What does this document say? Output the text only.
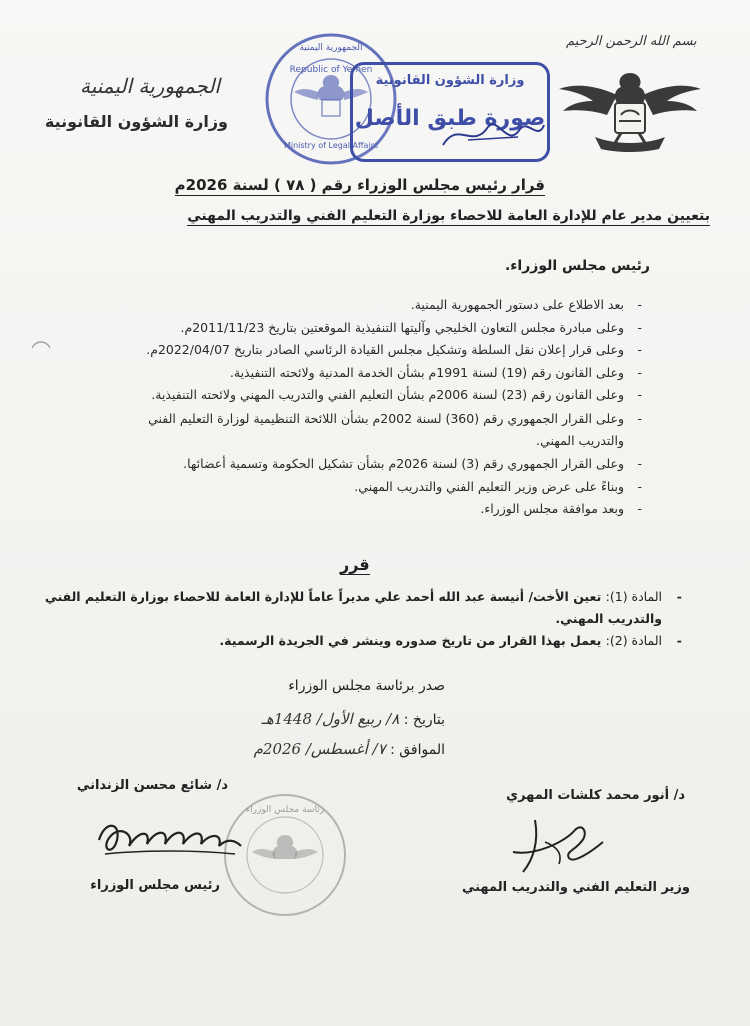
الجمهورية اليمنية
وزارة الشؤون القانونية
بسم الله الرحمن الرحيم
Republic of Yemen
الجمهورية اليمنية
Ministry of Legal Affairs
وزارة الشؤون القانونية
صورة طبق الأصل
قرار رئيس مجلس الوزراء رقم ( ٧٨ ) لسنة 2026م
بتعيين مدير عام للإدارة العامة للاحصاء بوزارة التعليم الفني والتدريب المهني
رئيس مجلس الوزراء.
- بعد الاطلاع على دستور الجمهورية اليمنية.
- وعلى مبادرة مجلس التعاون الخليجي وآليتها التنفيذية الموقعتين بتاريخ 2011/11/23م.
- وعلى قرار إعلان نقل السلطة وتشكيل مجلس القيادة الرئاسي الصادر بتاريخ 2022/04/07م.
- وعلى القانون رقم (19) لسنة 1991م بشأن الخدمة المدنية ولائحته التنفيذية.
- وعلى القانون رقم (23) لسنة 2006م بشأن التعليم الفني والتدريب المهني ولائحته التنفيذية.
- وعلى القرار الجمهوري رقم (360) لسنة 2002م بشأن اللائحة التنظيمية لوزارة التعليم الفني والتدريب المهني.
- وعلى القرار الجمهوري رقم (3) لسنة 2026م بشأن تشكيل الحكومة وتسمية أعضائها.
- وبناءً على عرض وزير التعليم الفني والتدريب المهني.
- وبعد موافقة مجلس الوزراء.
قرر
- المادة (1): تعين الأخت/ أنيسة عبد الله أحمد علي مديراً عاماً للإدارة العامة للاحصاء بوزارة التعليم الفني والتدريب المهني.
- المادة (2): يعمل بهذا القرار من تاريخ صدوره وينشر في الجريدة الرسمية.
صدر برئاسة مجلس الوزراء
بتاريخ : ٨/ ربيع الأول/ 1448هـ
الموافق : ٧/ أغسطس/ 2026م
د/ أنور محمد كلشات المهري
وزير التعليم الفني والتدريب المهني
د/ شائع محسن الزنداني
رئاسة مجلس الوزراء
رئيس مجلس الوزراء
